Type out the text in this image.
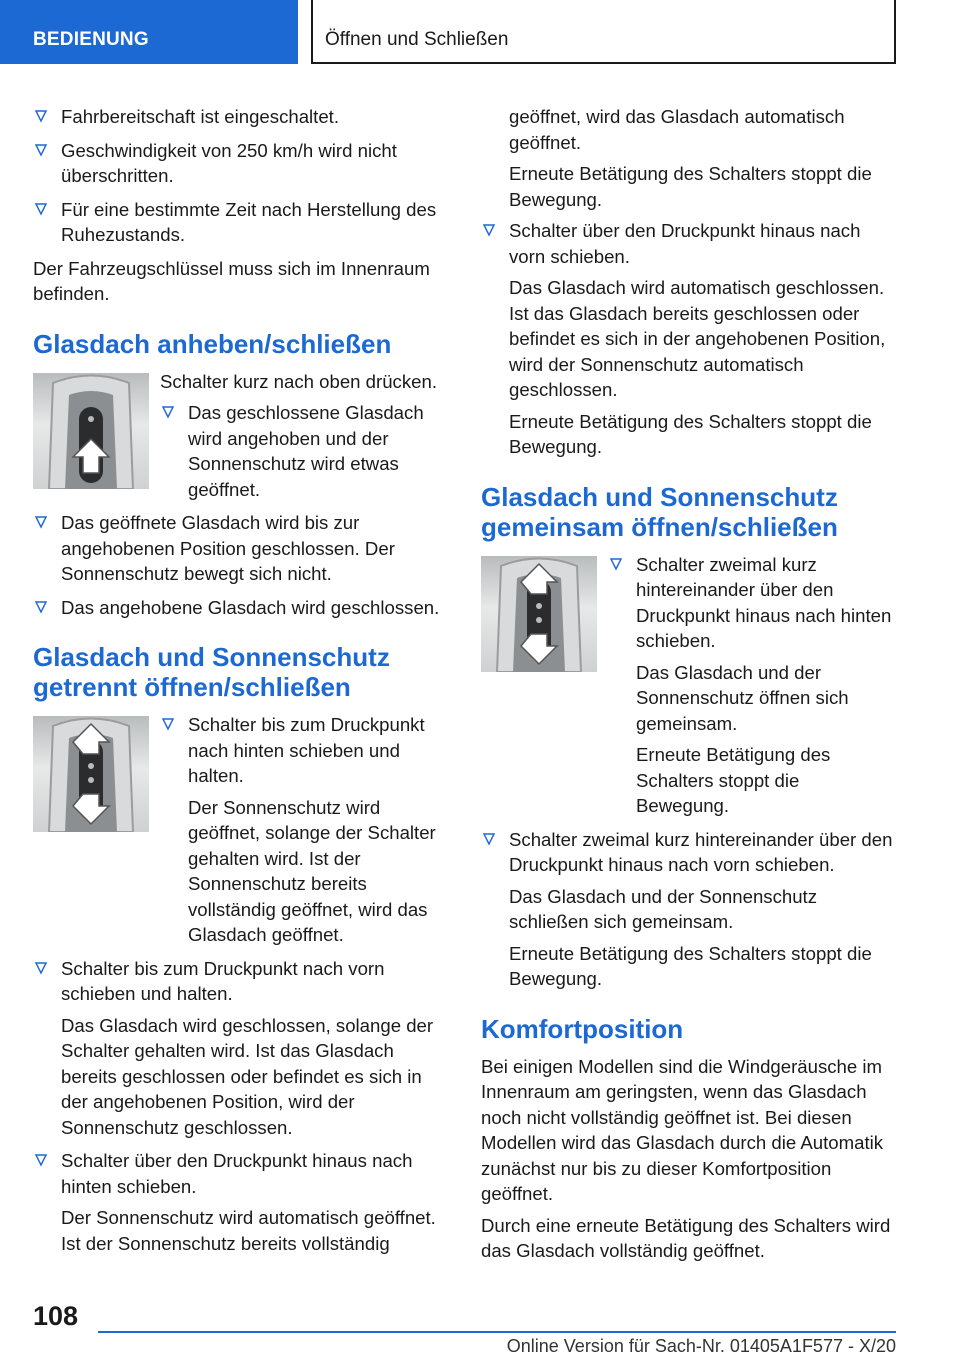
BEDIENUNG	Öffnen und Schließen
Fahrbereitschaft ist eingeschaltet.
Geschwindigkeit von 250 km/h wird nicht überschritten.
Für eine bestimmte Zeit nach Herstellung des Ruhezustands.

Der Fahrzeugschlüssel muss sich im Innenraum befinden.

Glasdach anheben/schließen

Schalter kurz nach oben drücken.

Das geschlossene Glasdach wird angehoben und der Sonnenschutz wird etwas geöffnet.
Das geöffnete Glasdach wird bis zur angehobenen Position geschlossen. Der Sonnenschutz bewegt sich nicht.
Das angehobene Glasdach wird geschlossen.
Glasdach und Sonnenschutz getrennt öffnen/schließen
Schalter bis zum Druckpunkt nach hinten schieben und halten.
Der Sonnenschutz wird geöffnet, solange der Schalter gehalten wird. Ist der Sonnenschutz bereits vollständig geöffnet, wird das Glasdach geöffnet.
Schalter bis zum Druckpunkt nach vorn schieben und halten.
Das Glasdach wird geschlossen, solange der Schalter gehalten wird. Ist das Glasdach bereits geschlossen oder befindet es sich in der angehobenen Position, wird der Sonnenschutz geschlossen.
Schalter über den Druckpunkt hinaus nach hinten schieben.
Der Sonnenschutz wird automatisch geöffnet. Ist der Sonnenschutz bereits vollständig

geöffnet, wird das Glasdach automatisch geöffnet.

Erneute Betätigung des Schalters stoppt die Bewegung.

Schalter über den Druckpunkt hinaus nach vorn schieben.
Das Glasdach wird automatisch geschlossen. Ist das Glasdach bereits geschlossen oder befindet es sich in der angehobenen Position, wird der Sonnenschutz automatisch geschlossen.
Erneute Betätigung des Schalters stoppt die Bewegung.
Glasdach und Sonnenschutz gemeinsam öffnen/schließen
Schalter zweimal kurz hintereinander über den Druckpunkt hinaus nach hinten schieben.
Das Glasdach und der Sonnenschutz öffnen sich gemeinsam.
Erneute Betätigung des Schalters stoppt die Bewegung.
Schalter zweimal kurz hintereinander über den Druckpunkt hinaus nach vorn schieben.
Das Glasdach und der Sonnenschutz schließen sich gemeinsam.
Erneute Betätigung des Schalters stoppt die Bewegung.
Komfortposition

Bei einigen Modellen sind die Windgeräusche im Innenraum am geringsten, wenn das Glasdach noch nicht vollständig geöffnet ist. Bei diesen Modellen wird das Glasdach durch die Automatik zunächst nur bis zu dieser Komfortposition geöffnet.

Durch eine erneute Betätigung des Schalters wird das Glasdach vollständig geöffnet.

108
Online Version für Sach-Nr. 01405A1F577 - X/20
